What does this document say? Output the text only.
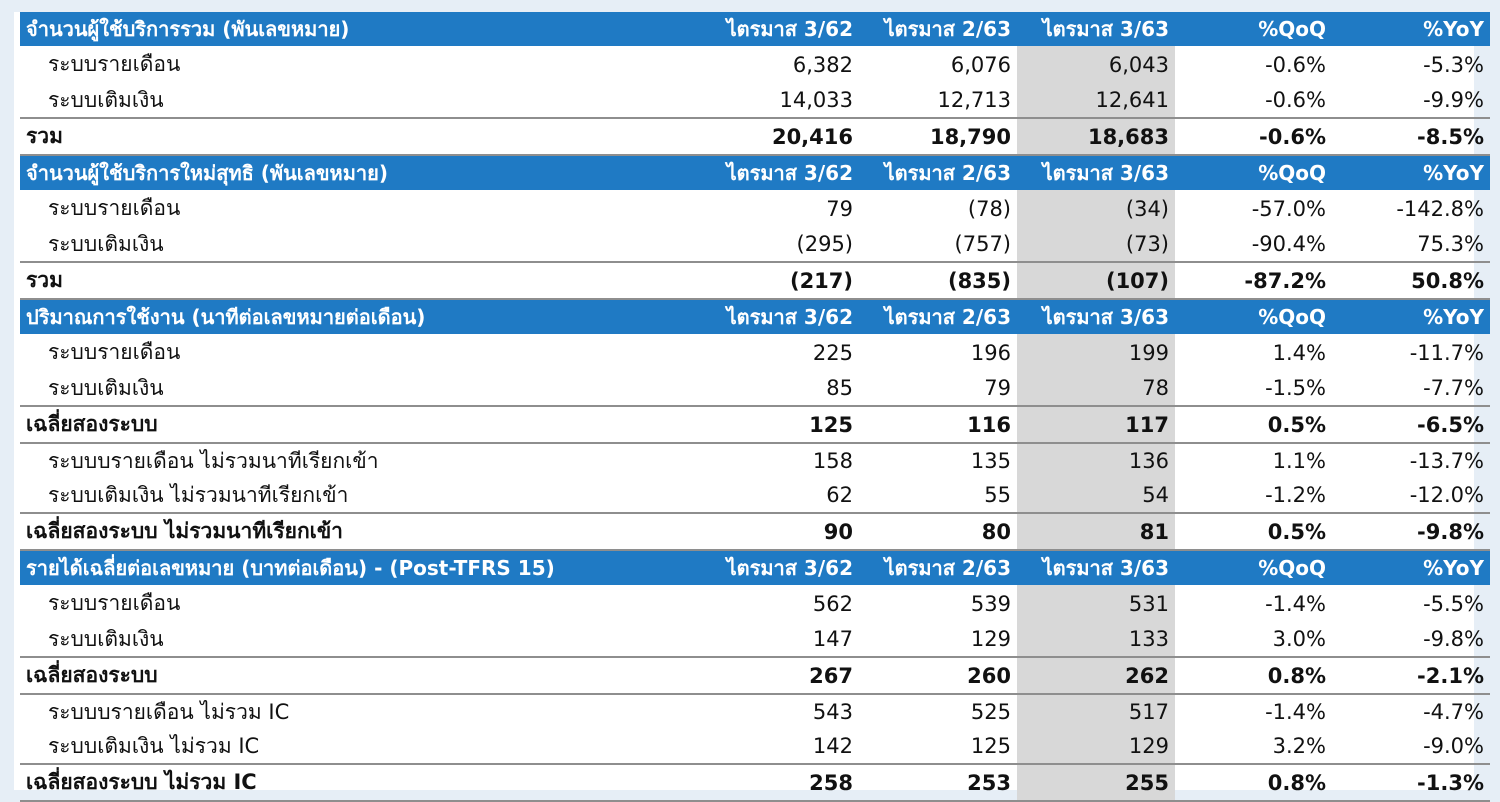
จำนวนผู้ใช้บริการรวม (พันเลขหมาย)	ไตรมาส 3/62	ไตรมาส 2/63	ไตรมาส 3/63	%QoQ	%YoY
ระบบรายเดือน	6,382	6,076	6,043	-0.6%	-5.3%
ระบบเติมเงิน	14,033	12,713	12,641	-0.6%	-9.9%
รวม	20,416	18,790	18,683	-0.6%	-8.5%
จำนวนผู้ใช้บริการใหม่สุทธิ (พันเลขหมาย)	ไตรมาส 3/62	ไตรมาส 2/63	ไตรมาส 3/63	%QoQ	%YoY
ระบบรายเดือน	79	(78)	(34)	-57.0%	-142.8%
ระบบเติมเงิน	(295)	(757)	(73)	-90.4%	75.3%
รวม	(217)	(835)	(107)	-87.2%	50.8%
ปริมาณการใช้งาน (นาทีต่อเลขหมายต่อเดือน)	ไตรมาส 3/62	ไตรมาส 2/63	ไตรมาส 3/63	%QoQ	%YoY
ระบบรายเดือน	225	196	199	1.4%	-11.7%
ระบบเติมเงิน	85	79	78	-1.5%	-7.7%
เฉลี่ยสองระบบ	125	116	117	0.5%	-6.5%
ระบบบรายเดือน ไม่รวมนาทีเรียกเข้า	158	135	136	1.1%	-13.7%
ระบบเติมเงิน ไม่รวมนาทีเรียกเข้า	62	55	54	-1.2%	-12.0%
เฉลี่ยสองระบบ ไม่รวมนาทีเรียกเข้า	90	80	81	0.5%	-9.8%
รายได้เฉลี่ยต่อเลขหมาย (บาทต่อเดือน) - (Post-TFRS 15)	ไตรมาส 3/62	ไตรมาส 2/63	ไตรมาส 3/63	%QoQ	%YoY
ระบบรายเดือน	562	539	531	-1.4%	-5.5%
ระบบเติมเงิน	147	129	133	3.0%	-9.8%
เฉลี่ยสองระบบ	267	260	262	0.8%	-2.1%
ระบบบรายเดือน ไม่รวม IC	543	525	517	-1.4%	-4.7%
ระบบเติมเงิน ไม่รวม IC	142	125	129	3.2%	-9.0%
เฉลี่ยสองระบบ ไม่รวม IC	258	253	255	0.8%	-1.3%
